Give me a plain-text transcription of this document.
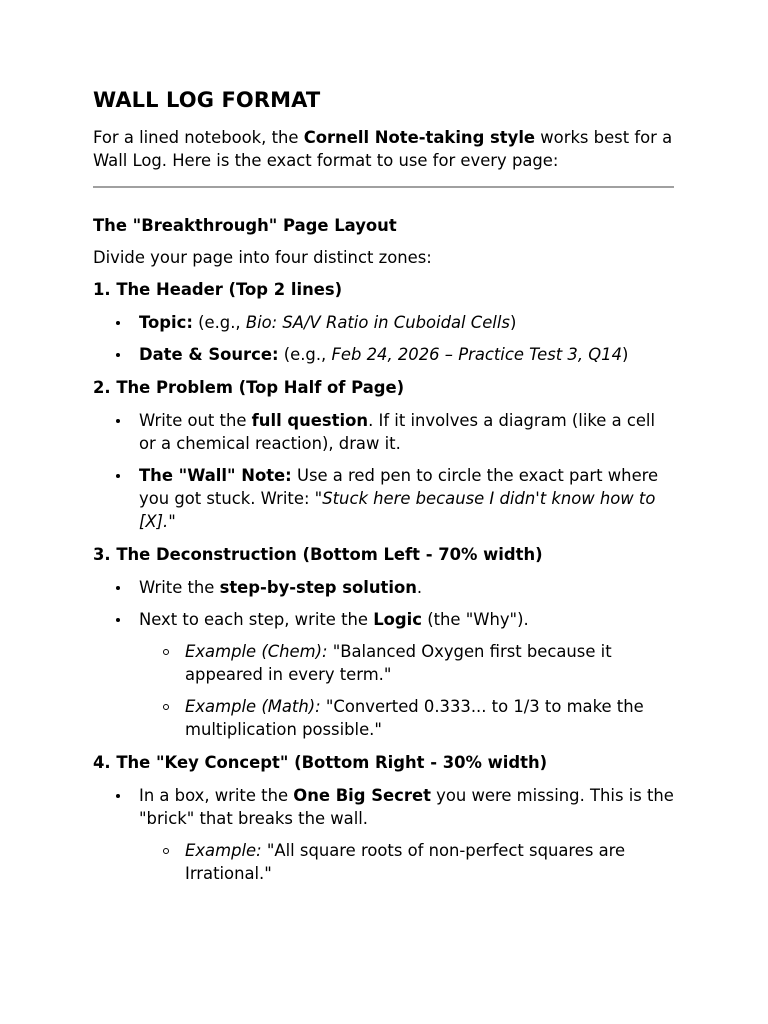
WALL LOG FORMAT

For a lined notebook, the Cornell Note-taking style works best for a Wall Log. Here is the exact format to use for every page:

The "Breakthrough" Page Layout

Divide your page into four distinct zones:

1. The Header (Top 2 lines)
Topic: (e.g., Bio: SA/V Ratio in Cuboidal Cells)
Date & Source: (e.g., Feb 24, 2026 – Practice Test 3, Q14)
2. The Problem (Top Half of Page)
Write out the full question. If it involves a diagram (like a cell or a chemical reaction), draw it.
The "Wall" Note: Use a red pen to circle the exact part where you got stuck. Write: "Stuck here because I didn't know how to [X]."
3. The Deconstruction (Bottom Left - 70% width)
Write the step-by-step solution.
Next to each step, write the Logic (the "Why").
Example (Chem): "Balanced Oxygen first because it appeared in every term."
Example (Math): "Converted 0.333... to 1/3 to make the multiplication possible."
4. The "Key Concept" (Bottom Right - 30% width)
In a box, write the One Big Secret you were missing. This is the "brick" that breaks the wall.
Example: "All square roots of non-perfect squares are Irrational."
